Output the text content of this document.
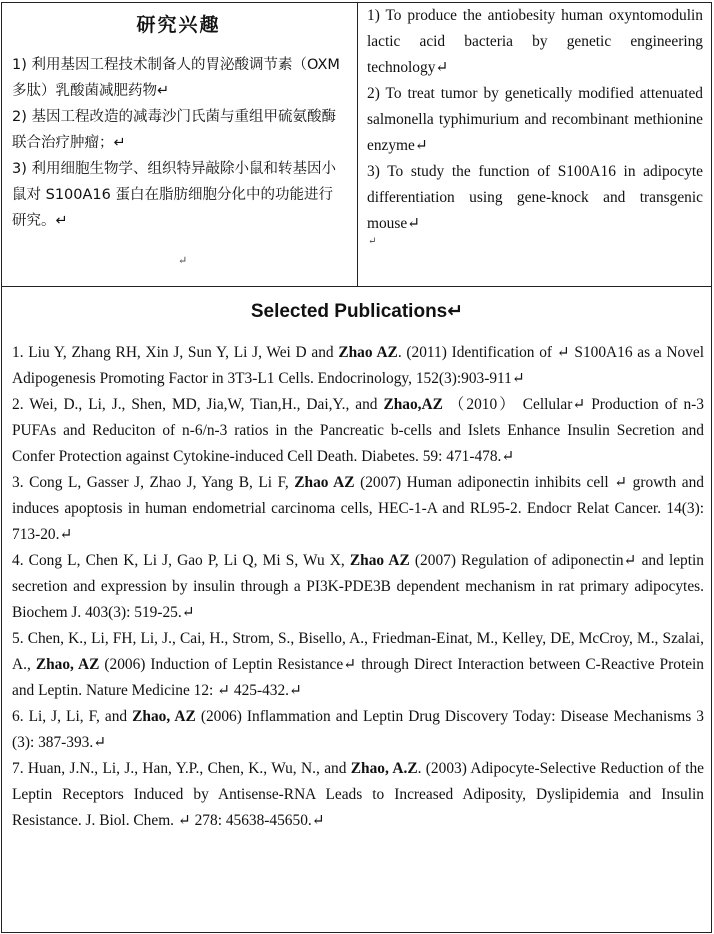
研究兴趣

1) 利用基因工程技术制备人的胃泌酸调节素（OXM 多肽）乳酸菌减肥药物↵

2) 基因工程改造的减毒沙门氏菌与重组甲硫氨酸酶联合治疗肿瘤；↵

3) 利用细胞生物学、组织特异敲除小鼠和转基因小鼠对 S100A16 蛋白在脂肪细胞分化中的功能进行研究。↵

↵

1) To produce the antiobesity human oxyntomodulin lactic acid bacteria by genetic engineering technology↵

2) To treat tumor by genetically modified attenuated salmonella typhimurium and recombinant methionine enzyme↵

3) To study the function of S100A16 in adipocyte differentiation using gene-knock and transgenic mouse↵

↵
Selected Publications↵

1. Liu Y, Zhang RH, Xin J, Sun Y, Li J, Wei D and Zhao AZ. (2011) Identification of ↵ S100A16 as a Novel Adipogenesis Promoting Factor in 3T3-L1 Cells. Endocrinology, 152(3):903-911↵

2. Wei, D., Li, J., Shen, MD, Jia,W, Tian,H., Dai,Y., and Zhao,AZ （2010） Cellular↵ Production of n-3 PUFAs and Reduciton of n-6/n-3 ratios in the Pancreatic b-cells and Islets Enhance Insulin Secretion and Confer Protection against Cytokine-induced Cell Death. Diabetes. 59: 471-478.↵

3. Cong L, Gasser J, Zhao J, Yang B, Li F, Zhao AZ (2007) Human adiponectin inhibits cell ↵ growth and induces apoptosis in human endometrial carcinoma cells, HEC-1-A and RL95-2. Endocr Relat Cancer. 14(3): 713-20.↵

4. Cong L, Chen K, Li J, Gao P, Li Q, Mi S, Wu X, Zhao AZ (2007) Regulation of adiponectin↵ and leptin secretion and expression by insulin through a PI3K-PDE3B dependent mechanism in rat primary adipocytes. Biochem J. 403(3): 519-25.↵

5. Chen, K., Li, FH, Li, J., Cai, H., Strom, S., Bisello, A., Friedman-Einat, M., Kelley, DE, McCroy, M., Szalai, A., Zhao, AZ (2006) Induction of Leptin Resistance↵ through Direct Interaction between C-Reactive Protein and Leptin. Nature Medicine 12: ↵ 425-432.↵

6. Li, J, Li, F, and Zhao, AZ (2006) Inflammation and Leptin Drug Discovery Today: Disease Mechanisms 3 (3): 387-393.↵

7. Huan, J.N., Li, J., Han, Y.P., Chen, K., Wu, N., and Zhao, A.Z. (2003) Adipocyte-Selective Reduction of the Leptin Receptors Induced by Antisense-RNA Leads to Increased Adiposity, Dyslipidemia and Insulin Resistance. J. Biol. Chem. ↵ 278: 45638-45650.↵
